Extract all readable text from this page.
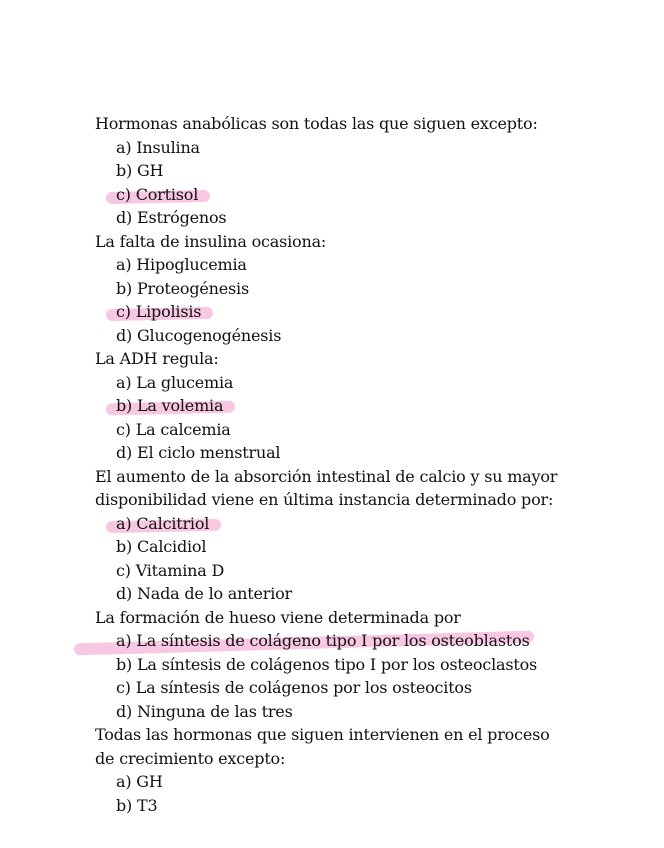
Hormonas anabólicas son todas las que siguen excepto:
a) Insulina
b) GH
c) Cortisol
d) Estrógenos
La falta de insulina ocasiona:
a) Hipoglucemia
b) Proteogénesis
c) Lipolisis
d) Glucogenogénesis
La ADH regula:
a) La glucemia
b) La volemia
c) La calcemia
d) El ciclo menstrual
El aumento de la absorción intestinal de calcio y su mayor
disponibilidad viene en última instancia determinado por:
a) Calcitriol
b) Calcidiol
c) Vitamina D
d) Nada de lo anterior
La formación de hueso viene determinada por
a) La síntesis de colágeno tipo I por los osteoblastos
b) La síntesis de colágenos tipo I por los osteoclastos
c) La síntesis de colágenos por los osteocitos
d) Ninguna de las tres
Todas las hormonas que siguen intervienen en el proceso
de crecimiento excepto:
a) GH
b) T3
